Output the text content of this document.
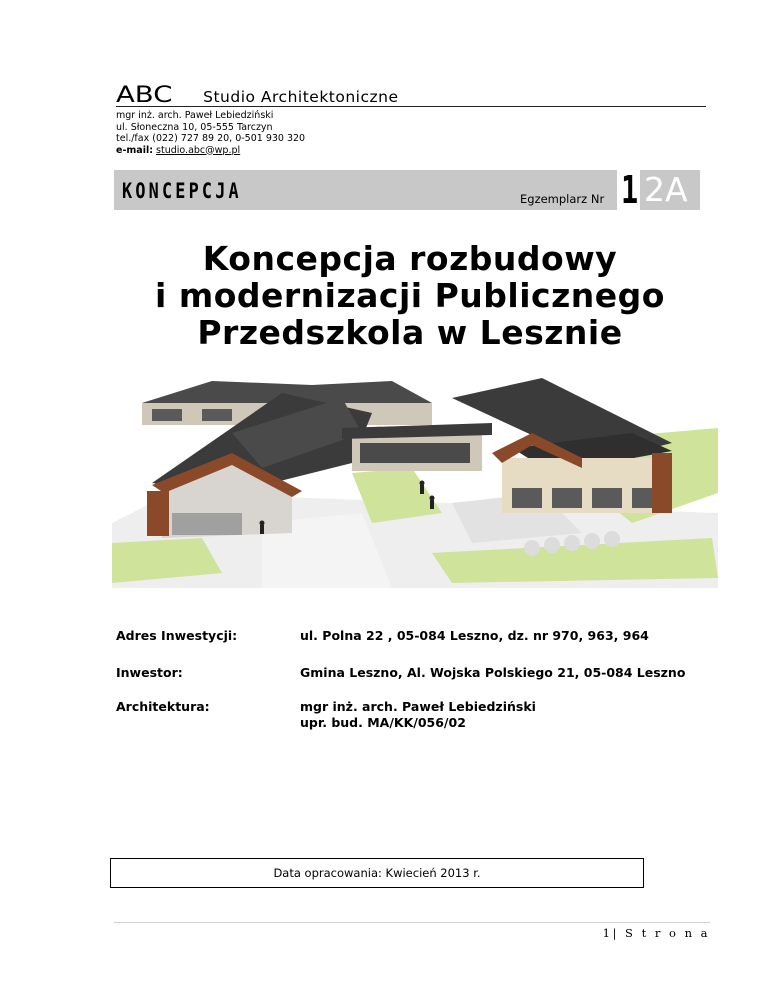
ABC Studio Architektoniczne
mgr inż. arch. Paweł Lebiedziński
ul. Słoneczna 10, 05-555 Tarczyn
tel./fax (022) 727 89 20, 0-501 930 320
e-mail: studio.abc@wp.pl
KONCEPCJA	Egzemplarz Nr 1 2A
Koncepcja rozbudowy
i modernizacji Publicznego
Przedszkola w Lesznie
Adres Inwestycji:	ul. Polna 22 , 05-084 Leszno, dz. nr 970, 963, 964
Inwestor:	Gmina Leszno, Al. Wojska Polskiego 21, 05-084 Leszno
Architektura:	mgr inż. arch. Paweł Lebiedziński
upr. bud. MA/KK/056/02
Data opracowania: Kwiecień 2013 r.
1| S t r o n a
